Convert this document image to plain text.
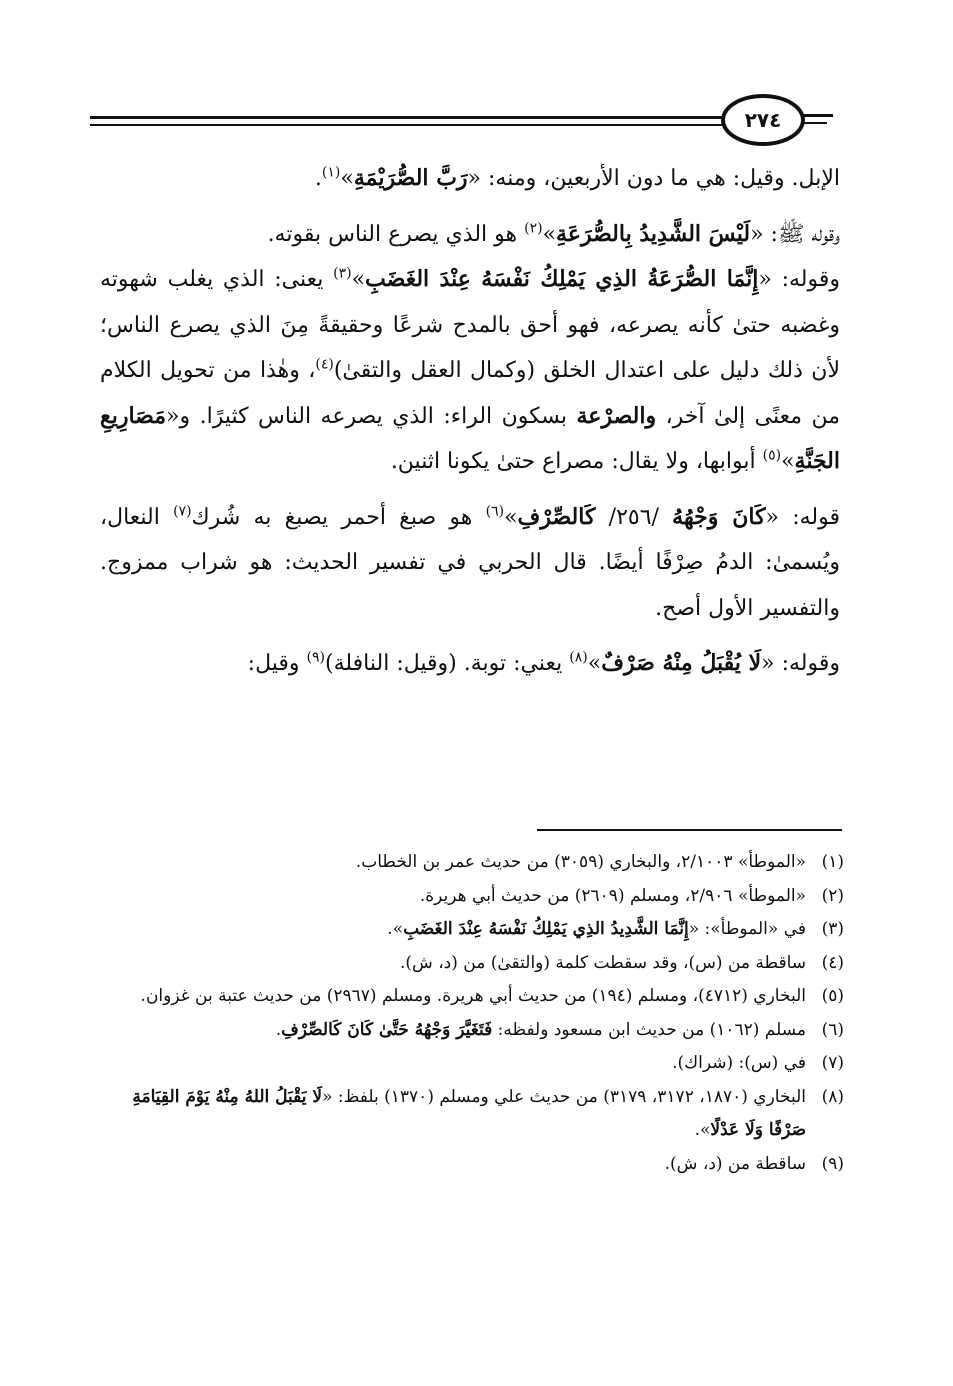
٢٧٤

الإبل. وقيل: هي ما دون الأربعين، ومنه: «رَبَّ الصُّرَيْمَةِ»$^{(١)}$.

وقوله ﷺ: «لَيْسَ الشَّدِيدُ بِالصُّرَعَةِ»$^{(٢)}$ هو الذي يصرع الناس بقوته.

وقوله: «إِنَّمَا الصُّرَعَةُ الذِي يَمْلِكُ نَفْسَهُ عِنْدَ الغَضَبِ»$^{(٣)}$ يعنى: الذي يغلب شهوته وغضبه حتىٰ كأنه يصرعه، فهو أحق بالمدح شرعًا وحقيقةً مِنَ الذي يصرع الناس؛ لأن ذلك دليل على اعتدال الخلق (وكمال العقل والتقىٰ)$^{(٤)}$، وهٰذا من تحويل الكلام من معنًى إلىٰ آخر، والصرْعة بسكون الراء: الذي يصرعه الناس كثيرًا. و«مَصَارِيعِ الجَنَّةِ»$^{(٥)}$ أبوابها، ولا يقال: مصراع حتىٰ يكونا اثنين.

قوله: «كَانَ وَجْهُهُ /٢٥٦/ كَالصِّرْفِ»$^{(٦)}$ هو صبغ أحمر يصبغ به شُرك$^{(٧)}$ النعال، ويُسمىٰ: الدمُ صِرْفًا أيضًا. قال الحربي في تفسير الحديث: هو شراب ممزوج. والتفسير الأول أصح.

وقوله: «لَا يُقْبَلُ مِنْهُ صَرْفٌ»$^{(٨)}$ يعني: توبة. (وقيل: النافلة)$^{(٩)}$ وقيل:

(١)
«الموطأ» ٢/١٠٠٣، والبخاري (٣٠٥٩) من حديث عمر بن الخطاب.
(٢)
«الموطأ» ٢/٩٠٦، ومسلم (٢٦٠٩) من حديث أبي هريرة.
(٣)
في «الموطأ»: «إِنَّمَا الشَّدِيدُ الذِي يَمْلِكُ نَفْسَهُ عِنْدَ الغَضَبِ».
(٤)
ساقطة من (س)، وقد سقطت كلمة (والتقىٰ) من (د، ش).
(٥)
البخاري (٤٧١٢)، ومسلم (١٩٤) من حديث أبي هريرة. ومسلم (٢٩٦٧) من حديث عتبة بن غزوان.
(٦)
مسلم (١٠٦٢) من حديث ابن مسعود ولفظه: فَتَغَيَّرَ وَجْهُهُ حَتَّىٰ كَانَ كَالصِّرْفِ.
(٧)
في (س): (شراك).
(٨)
البخاري (١٨٧٠، ٣١٧٢، ٣١٧٩) من حديث علي ومسلم (١٣٧٠) بلفظ: «لَا يَقْبَلُ اللهُ مِنْهُ يَوْمَ القِيَامَةِ صَرْفًا وَلَا عَدْلًا».
(٩)
ساقطة من (د، ش).
